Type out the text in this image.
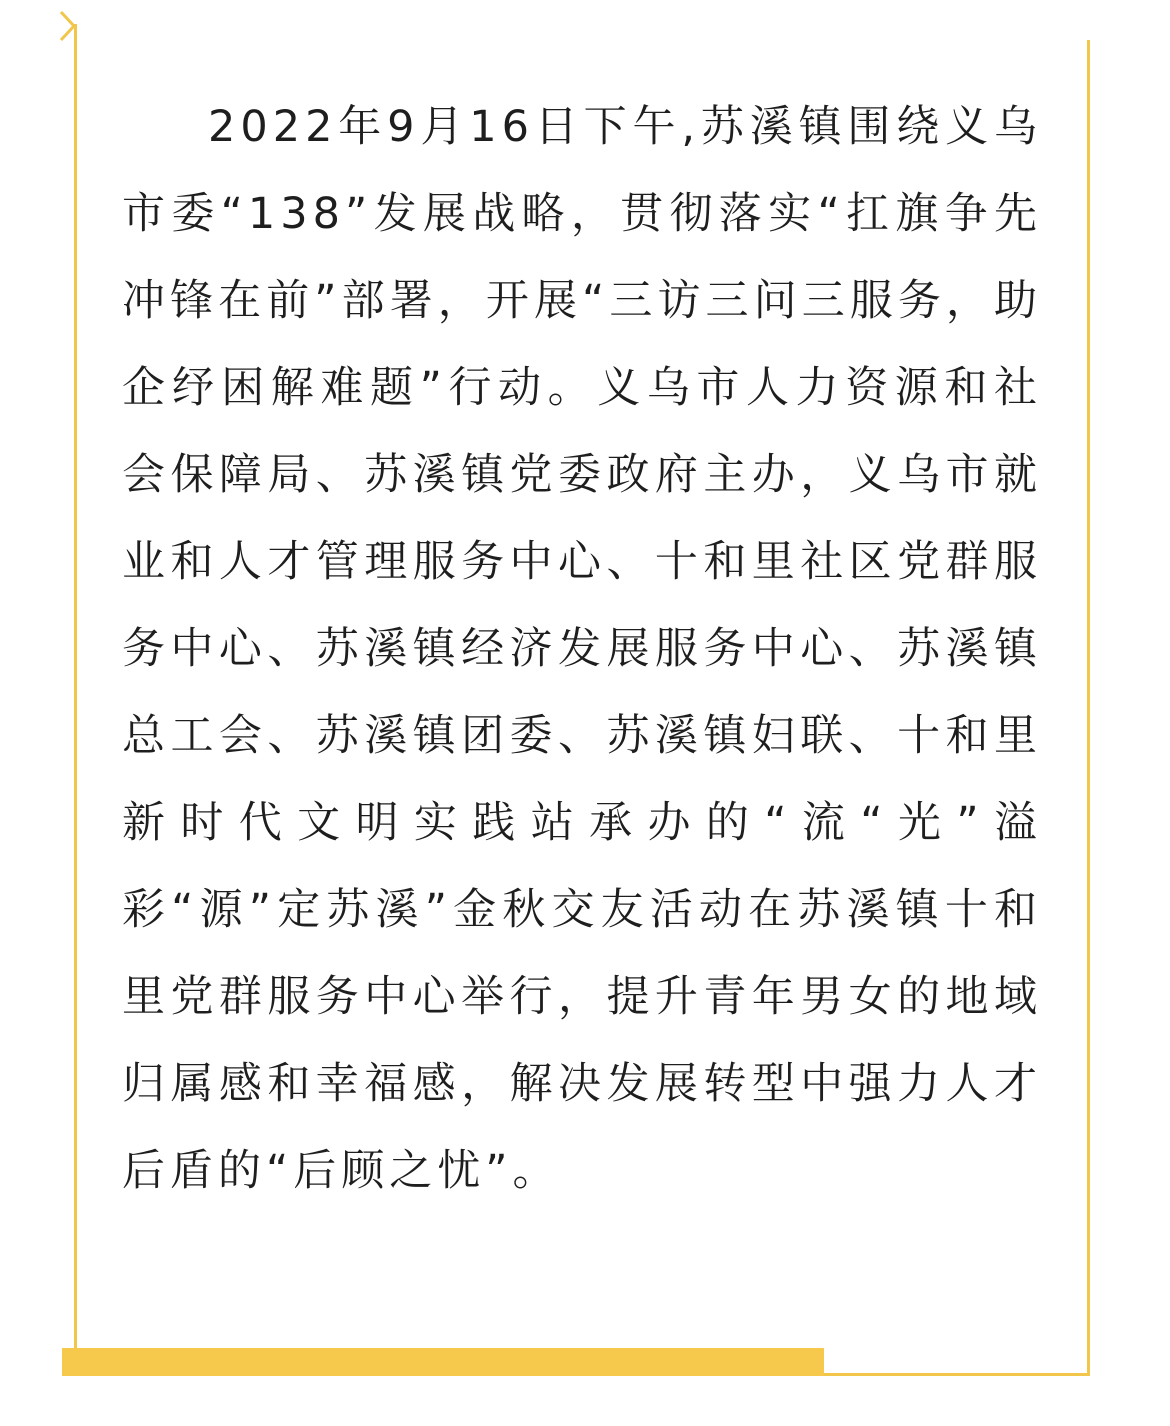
2022年9月16日下午,苏溪镇围绕义乌市委“138”发展战略，贯彻落实“扛旗争先 冲锋在前”部署，开展“三访三问三服务，助企纾困解难题”行动。义乌市人力资源和社会保障局、苏溪镇党委政府主办，义乌市就业和人才管理服务中心、十和里社区党群服务中心、苏溪镇经济发展服务中心、苏溪镇总工会、苏溪镇团委、苏溪镇妇联、十和里新时代文明实践站承办的“流“光”溢彩“源”定苏溪”金秋交友活动在苏溪镇十和里党群服务中心举行，提升青年男女的地域归属感和幸福感，解决发展转型中强力人才后盾的“后顾之忧”。
